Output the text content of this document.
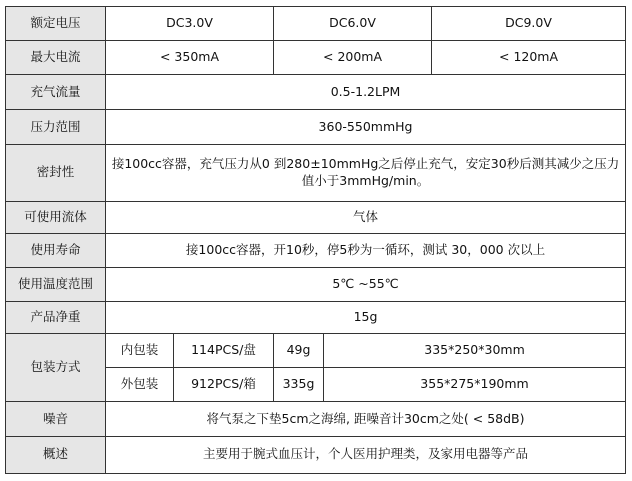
额定电压	DC3.0V		DC6.0V		DC9.0V
最大电流	< 350mA		< 200mA		< 120mA
充气流量	0.5-1.2LPM				
压力范围	360-550mmHg				
密封性	接100cc容器，充气压力从0 到280±10mmHg之后停止充气，安定30秒后测其减少之压力值小于3mmHg/min。				
可使用流体	气体				
使用寿命	接100cc容器，开10秒，停5秒为一循环，测试 30，000 次以上				
使用温度范围	5℃ ~55℃				
产品净重	15g				
包装方式	内包装	114PCS/盘	49g	335*250*30mm	
	外包装	912PCS/箱	335g	355*275*190mm	
噪音	将气泵之下垫5cm之海绵, 距噪音计30cm之处( < 58dB)				
概述	主要用于腕式血压计，个人医用护理类，及家用电器等产品				
